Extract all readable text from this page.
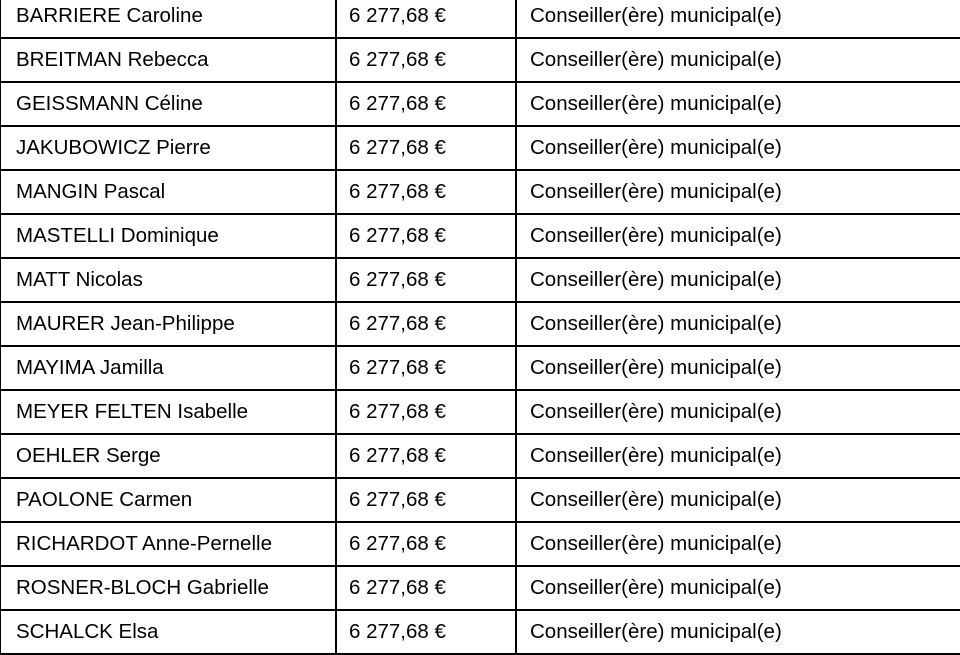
BARRIERE Caroline	6 277,68 €	Conseiller(ère) municipal(e)
BREITMAN Rebecca	6 277,68 €	Conseiller(ère) municipal(e)
GEISSMANN Céline	6 277,68 €	Conseiller(ère) municipal(e)
JAKUBOWICZ Pierre	6 277,68 €	Conseiller(ère) municipal(e)
MANGIN Pascal	6 277,68 €	Conseiller(ère) municipal(e)
MASTELLI Dominique	6 277,68 €	Conseiller(ère) municipal(e)
MATT Nicolas	6 277,68 €	Conseiller(ère) municipal(e)
MAURER Jean-Philippe	6 277,68 €	Conseiller(ère) municipal(e)
MAYIMA Jamilla	6 277,68 €	Conseiller(ère) municipal(e)
MEYER FELTEN Isabelle	6 277,68 €	Conseiller(ère) municipal(e)
OEHLER Serge	6 277,68 €	Conseiller(ère) municipal(e)
PAOLONE Carmen	6 277,68 €	Conseiller(ère) municipal(e)
RICHARDOT Anne-Pernelle	6 277,68 €	Conseiller(ère) municipal(e)
ROSNER-BLOCH Gabrielle	6 277,68 €	Conseiller(ère) municipal(e)
SCHALCK Elsa	6 277,68 €	Conseiller(ère) municipal(e)
